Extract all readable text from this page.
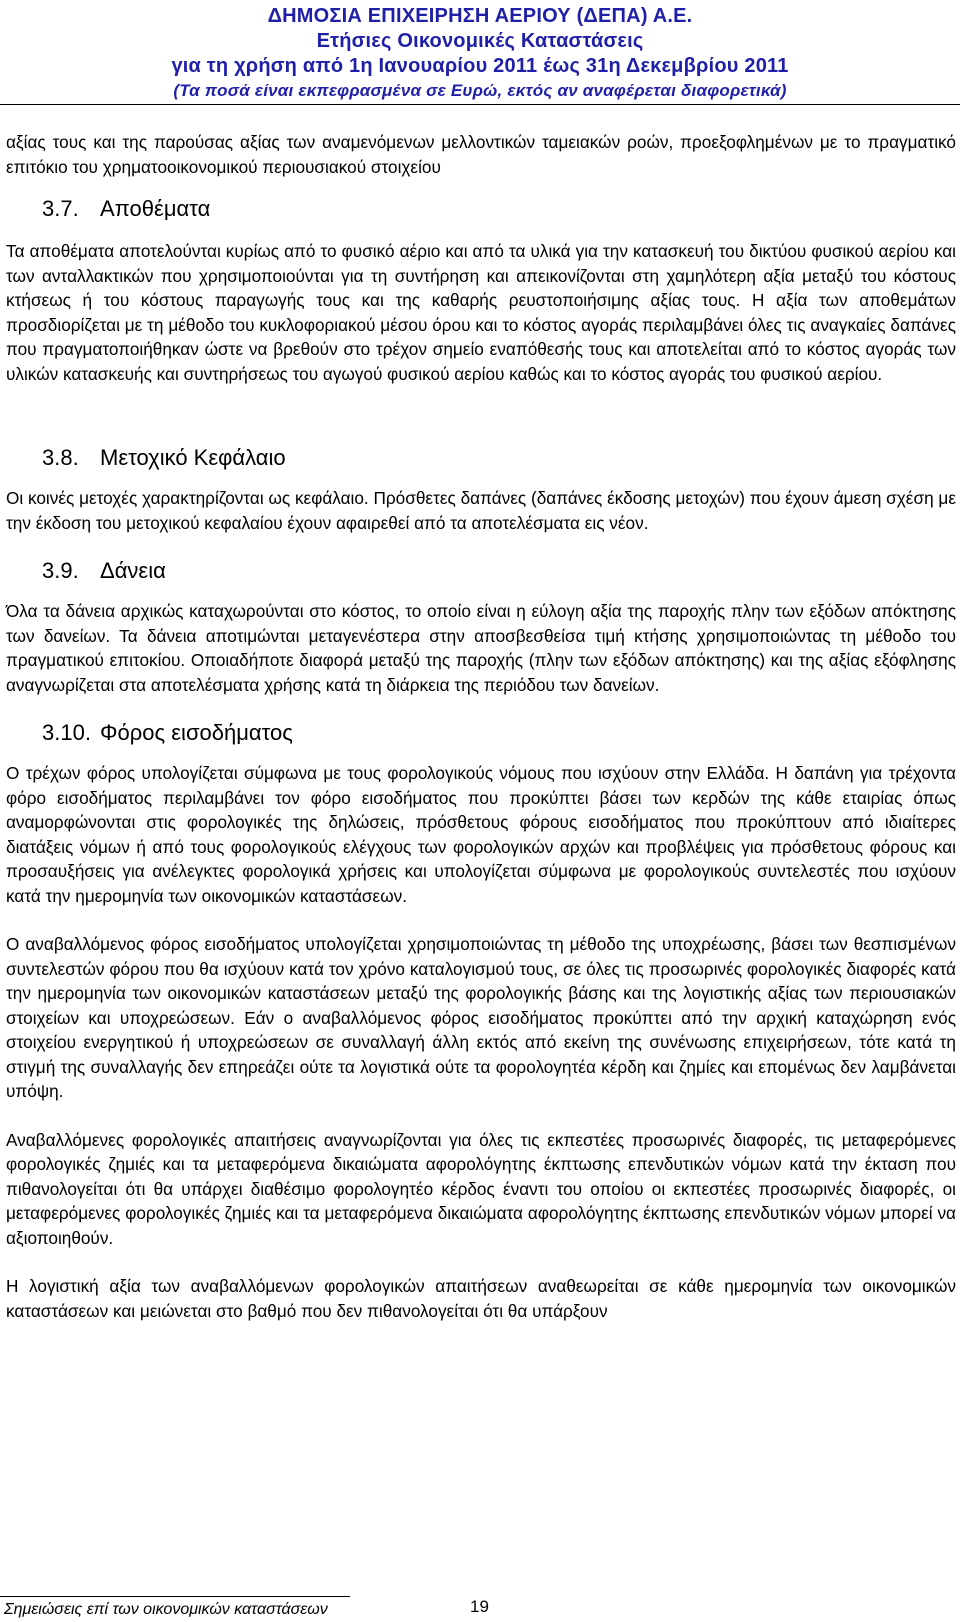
ΔΗΜΟΣΙΑ ΕΠΙΧΕΙΡΗΣΗ ΑΕΡΙΟΥ (ΔΕΠΑ) Α.Ε.
Ετήσιες Οικονομικές Καταστάσεις
για τη χρήση από 1η Ιανουαρίου 2011 έως 31η Δεκεμβρίου 2011
(Τα ποσά είναι εκπεφρασμένα σε Ευρώ, εκτός αν αναφέρεται διαφορετικά)

αξίας τους και της παρούσας αξίας των αναμενόμενων μελλοντικών ταμειακών ροών, προεξοφλημένων με το πραγματικό επιτόκιο του χρηματοοικονομικού περιουσιακού στοιχείου

3.7. Αποθέματα

Τα αποθέματα αποτελούνται κυρίως από το φυσικό αέριο και από τα υλικά για την κατασκευή του δικτύου φυσικού αερίου και των ανταλλακτικών που χρησιμοποιούνται για τη συντήρηση και απεικονίζονται στη χαμηλότερη αξία μεταξύ του κόστους κτήσεως ή του κόστους παραγωγής τους και της καθαρής ρευστοποιήσιμης αξίας τους. Η αξία των αποθεμάτων προσδιορίζεται με τη μέθοδο του κυκλοφοριακού μέσου όρου και το κόστος αγοράς περιλαμβάνει όλες τις αναγκαίες δαπάνες που πραγματοποιήθηκαν ώστε να βρεθούν στο τρέχον σημείο εναπόθεσής τους και αποτελείται από το κόστος αγοράς των υλικών κατασκευής και συντηρήσεως του αγωγού φυσικού αερίου καθώς και το κόστος αγοράς του φυσικού αερίου.

3.8. Μετοχικό Κεφάλαιο

Οι κοινές μετοχές χαρακτηρίζονται ως κεφάλαιο. Πρόσθετες δαπάνες (δαπάνες έκδοσης μετοχών) που έχουν άμεση σχέση με την έκδοση του μετοχικού κεφαλαίου έχουν αφαιρεθεί από τα αποτελέσματα εις νέον.

3.9. Δάνεια

Όλα τα δάνεια αρχικώς καταχωρούνται στο κόστος, το οποίο είναι η εύλογη αξία της παροχής πλην των εξόδων απόκτησης των δανείων. Τα δάνεια αποτιμώνται μεταγενέστερα στην αποσβεσθείσα τιμή κτήσης χρησιμοποιώντας τη μέθοδο του πραγματικού επιτοκίου. Οποιαδήποτε διαφορά μεταξύ της παροχής (πλην των εξόδων απόκτησης) και της αξίας εξόφλησης αναγνωρίζεται στα αποτελέσματα χρήσης κατά τη διάρκεια της περιόδου των δανείων.

3.10. Φόρος εισοδήματος

Ο τρέχων φόρος υπολογίζεται σύμφωνα με τους φορολογικούς νόμους που ισχύουν στην Ελλάδα. Η δαπάνη για τρέχοντα φόρο εισοδήματος περιλαμβάνει τον φόρο εισοδήματος που προκύπτει βάσει των κερδών της κάθε εταιρίας όπως αναμορφώνονται στις φορολογικές της δηλώσεις, πρόσθετους φόρους εισοδήματος που προκύπτουν από ιδιαίτερες διατάξεις νόμων ή από τους φορολογικούς ελέγχους των φορολογικών αρχών και προβλέψεις για πρόσθετους φόρους και προσαυξήσεις για ανέλεγκτες φορολογικά χρήσεις και υπολογίζεται σύμφωνα με φορολογικούς συντελεστές που ισχύουν κατά την ημερομηνία των οικονομικών καταστάσεων.

Ο αναβαλλόμενος φόρος εισοδήματος υπολογίζεται χρησιμοποιώντας τη μέθοδο της υποχρέωσης, βάσει των θεσπισμένων συντελεστών φόρου που θα ισχύουν κατά τον χρόνο καταλογισμού τους, σε όλες τις προσωρινές φορολογικές διαφορές κατά την ημερομηνία των οικονομικών καταστάσεων μεταξύ της φορολογικής βάσης και της λογιστικής αξίας των περιουσιακών στοιχείων και υποχρεώσεων. Εάν ο αναβαλλόμενος φόρος εισοδήματος προκύπτει από την αρχική καταχώρηση ενός στοιχείου ενεργητικού ή υποχρεώσεων σε συναλλαγή άλλη εκτός από εκείνη της συνένωσης επιχειρήσεων, τότε κατά τη στιγμή της συναλλαγής δεν επηρεάζει ούτε τα λογιστικά ούτε τα φορολογητέα κέρδη και ζημίες και επομένως δεν λαμβάνεται υπόψη.

Αναβαλλόμενες φορολογικές απαιτήσεις αναγνωρίζονται για όλες τις εκπεστέες προσωρινές διαφορές, τις μεταφερόμενες φορολογικές ζημιές και τα μεταφερόμενα δικαιώματα αφορολόγητης έκπτωσης επενδυτικών νόμων κατά την έκταση που πιθανολογείται ότι θα υπάρχει διαθέσιμο φορολογητέο κέρδος έναντι του οποίου οι εκπεστέες προσωρινές διαφορές, οι μεταφερόμενες φορολογικές ζημιές και τα μεταφερόμενα δικαιώματα αφορολόγητης έκπτωσης επενδυτικών νόμων μπορεί να αξιοποιηθούν.

Η λογιστική αξία των αναβαλλόμενων φορολογικών απαιτήσεων αναθεωρείται σε κάθε ημερομηνία των οικονομικών καταστάσεων και μειώνεται στο βαθμό που δεν πιθανολογείται ότι θα υπάρξουν

Σημειώσεις επί των οικονομικών καταστάσεων	19
